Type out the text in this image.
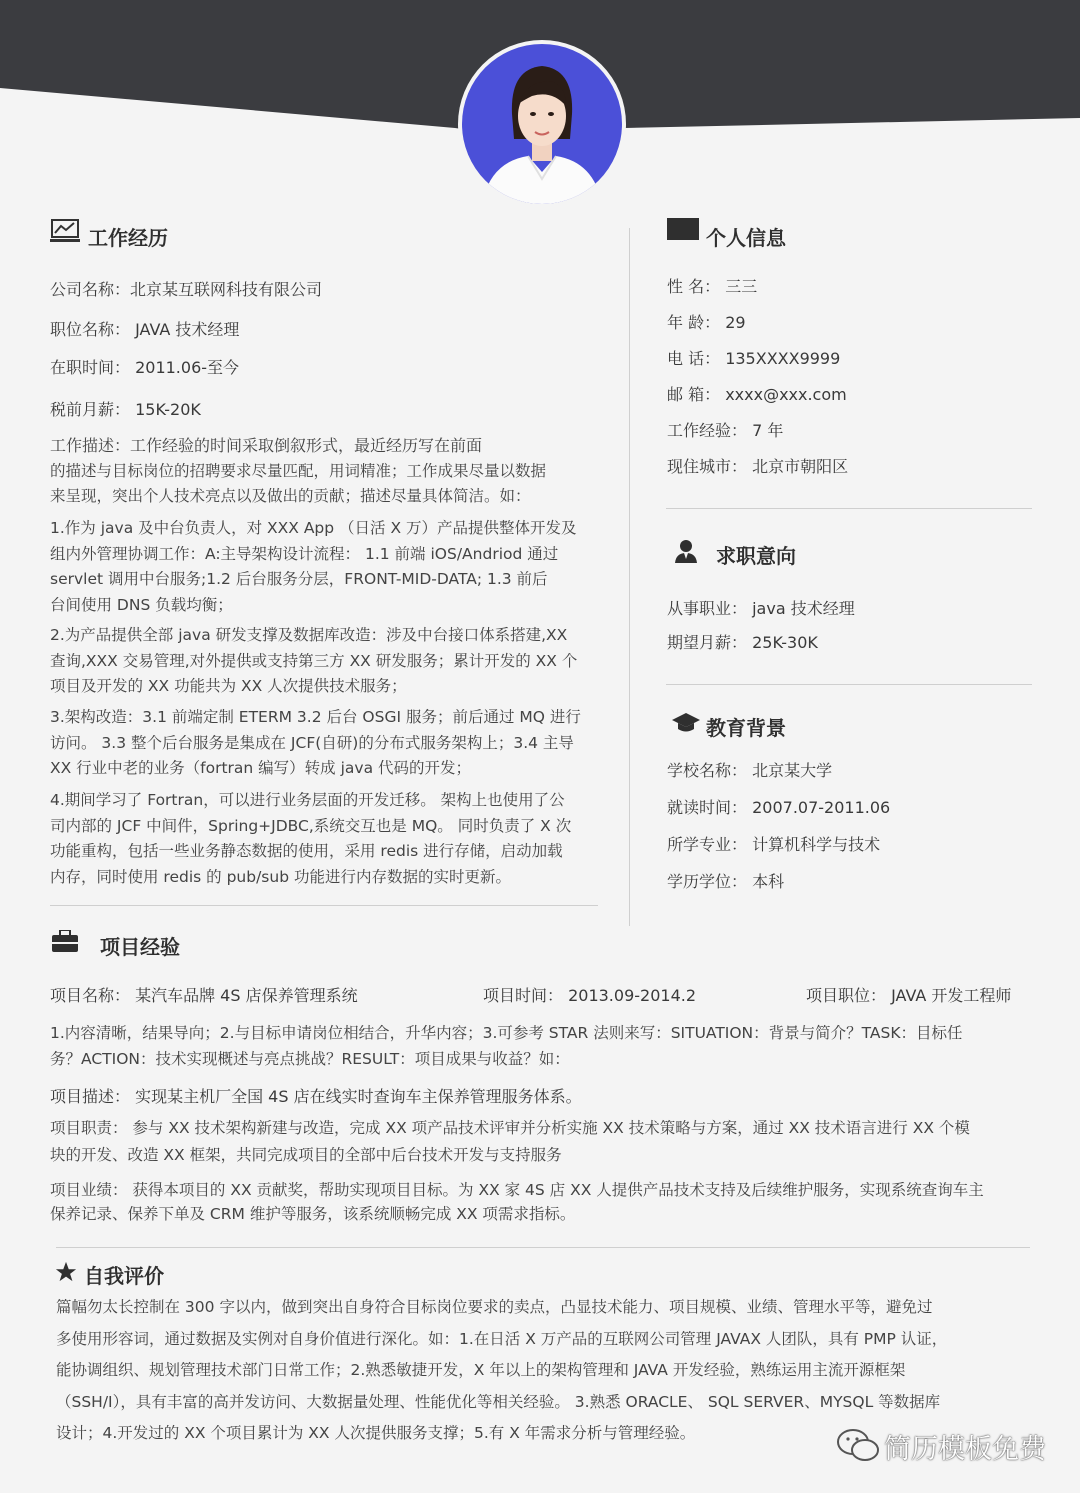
工作经历
公司名称：北京某互联网科技有限公司
职位名称： JAVA 技术经理
在职时间： 2011.06-至今
税前月薪： 15K-20K
工作描述：工作经验的时间采取倒叙形式，最近经历写在前面
的描述与目标岗位的招聘要求尽量匹配，用词精准；工作成果尽量以数据
来呈现，突出个人技术亮点以及做出的贡献；描述尽量具体简洁。如：
1.作为 java 及中台负责人，对 XXX App （日活 X 万）产品提供整体开发及
组内外管理协调工作：A:主导架构设计流程： 1.1 前端 iOS/Andriod 通过
servlet 调用中台服务;1.2 后台服务分层，FRONT-MID-DATA; 1.3 前后
台间使用 DNS 负载均衡；
2.为产品提供全部 java 研发支撑及数据库改造：涉及中台接口体系搭建,XX
查询,XXX 交易管理,对外提供或支持第三方 XX 研发服务；累计开发的 XX 个
项目及开发的 XX 功能共为 XX 人次提供技术服务；
3.架构改造：3.1 前端定制 ETERM 3.2 后台 OSGI 服务；前后通过 MQ 进行
访问。 3.3 整个后台服务是集成在 JCF(自研)的分布式服务架构上；3.4 主导
XX 行业中老的业务（fortran 编写）转成 java 代码的开发；
4.期间学习了 Fortran，可以进行业务层面的开发迁移。 架构上也使用了公
司内部的 JCF 中间件，Spring+JDBC,系统交互也是 MQ。 同时负责了 X 次
功能重构，包括一些业务静态数据的使用，采用 redis 进行存储，启动加载
内存，同时使用 redis 的 pub/sub 功能进行内存数据的实时更新。
个人信息
性 名： 三三
年 龄： 29
电 话： 135XXXX9999
邮 箱： xxxx@xxx.com
工作经验： 7 年
现住城市： 北京市朝阳区
求职意向
从事职业： java 技术经理
期望月薪： 25K-30K
教育背景
学校名称： 北京某大学
就读时间： 2007.07-2011.06
所学专业： 计算机科学与技术
学历学位： 本科
项目经验
项目名称： 某汽车品牌 4S 店保养管理系统	项目时间： 2013.09-2014.2	项目职位： JAVA 开发工程师
1.内容清晰，结果导向；2.与目标申请岗位相结合，升华内容；3.可参考 STAR 法则来写：SITUATION：背景与简介？TASK：目标任
务？ACTION：技术实现概述与亮点挑战？RESULT：项目成果与收益？如：
项目描述： 实现某主机厂全国 4S 店在线实时查询车主保养管理服务体系。
项目职责： 参与 XX 技术架构新建与改造，完成 XX 项产品技术评审并分析实施 XX 技术策略与方案，通过 XX 技术语言进行 XX 个模
块的开发、改造 XX 框架，共同完成项目的全部中后台技术开发与支持服务
项目业绩： 获得本项目的 XX 贡献奖，帮助实现项目目标。为 XX 家 4S 店 XX 人提供产品技术支持及后续维护服务，实现系统查询车主
保养记录、保养下单及 CRM 维护等服务，该系统顺畅完成 XX 项需求指标。
自我评价
篇幅勿太长控制在 300 字以内，做到突出自身符合目标岗位要求的卖点，凸显技术能力、项目规模、业绩、管理水平等，避免过
多使用形容词，通过数据及实例对自身价值进行深化。如：1.在日活 X 万产品的互联网公司管理 JAVAX 人团队，具有 PMP 认证，
能协调组织、规划管理技术部门日常工作；2.熟悉敏捷开发，X 年以上的架构管理和 JAVA 开发经验，熟练运用主流开源框架
（SSH/I），具有丰富的高并发访问、大数据量处理、性能优化等相关经验。 3.熟悉 ORACLE、 SQL SERVER、MYSQL 等数据库
设计；4.开发过的 XX 个项目累计为 XX 人次提供服务支撑；5.有 X 年需求分析与管理经验。
简历模板免费
